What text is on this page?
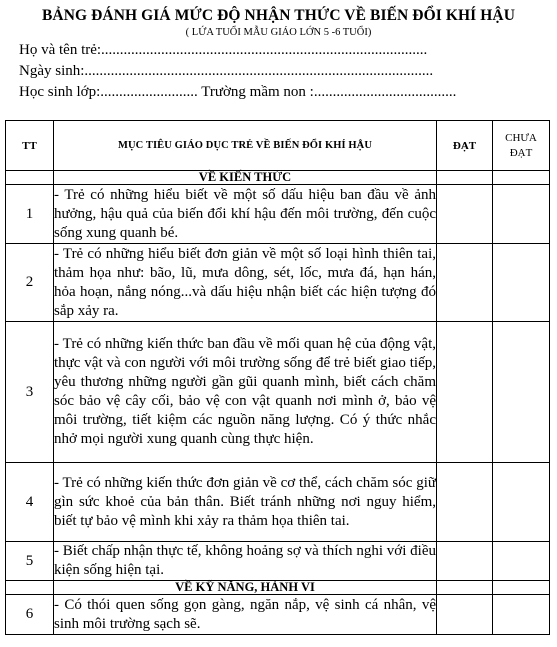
BẢNG ĐÁNH GIÁ MỨC ĐỘ NHẬN THỨC VỀ BIẾN ĐỔI KHÍ HẬU
( LỨA TUỔI MẪU GIÁO LỚN 5 -6 TUỔI)
Họ và tên trẻ:.......................................................................................
Ngày sinh:.............................................................................................
Học sinh lớp:.......................... Trường mầm non :......................................
TT	MỤC TIÊU GIÁO DỤC TRẺ VỀ BIẾN ĐỔI KHÍ HẬU	ĐẠT	CHƯA ĐẠT
	VỀ KIẾN THỨC		
1	- Trẻ có những hiểu biết về một số dấu hiệu ban đầu về ảnh hưởng, hậu quả của biến đổi khí hậu đến môi trường, đến cuộc sống xung quanh bé.		
2	- Trẻ có những hiểu biết đơn giản về một số loại hình thiên tai, thảm họa như: bão, lũ, mưa dông, sét, lốc, mưa đá, hạn hán, hỏa hoạn, nắng nóng...và dấu hiệu nhận biết các hiện tượng đó sắp xảy ra.		
3	- Trẻ có những kiến thức ban đầu về mối quan hệ của động vật, thực vật và con người với môi trường sống để trẻ biết giao tiếp, yêu thương những người gần gũi quanh mình, biết cách chăm sóc bảo vệ cây cối, bảo vệ con vật quanh nơi mình ở, bảo vệ môi trường, tiết kiệm các nguồn năng lượng. Có ý thức nhắc nhở mọi người xung quanh cùng thực hiện.		
4	- Trẻ có những kiến thức đơn giản về cơ thể, cách chăm sóc giữ gìn sức khoẻ của bản thân. Biết tránh những nơi nguy hiểm, biết tự bảo vệ mình khi xảy ra thảm họa thiên tai.		
5	- Biết chấp nhận thực tế, không hoảng sợ và thích nghi với điều kiện sống hiện tại.		
	VỀ KỸ NĂNG, HÀNH VI		
6	- Có thói quen sống gọn gàng, ngăn nắp, vệ sinh cá nhân, vệ sinh môi trường sạch sẽ.		
